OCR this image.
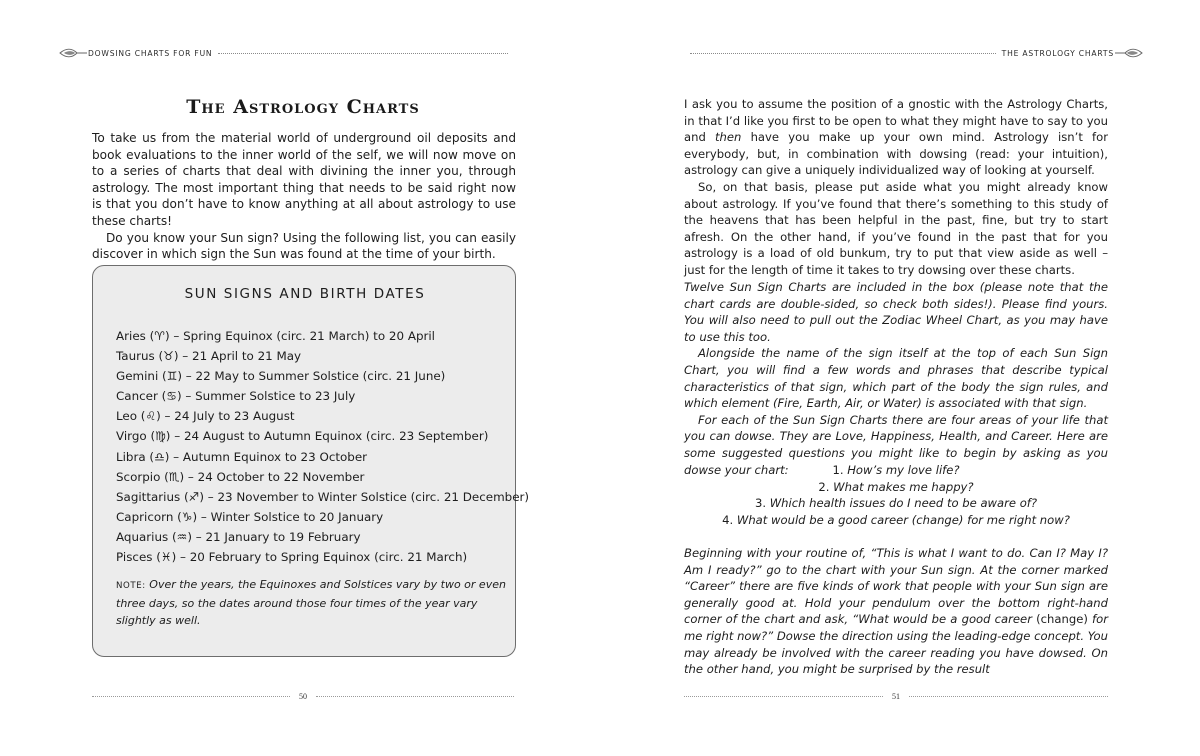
DOWSING CHARTS FOR FUN
The Astrology Charts

To take us from the material world of underground oil deposits and book evaluations to the inner world of the self, we will now move on to a series of charts that deal with divining the inner you, through astrology. The most important thing that needs to be said right now is that you don’t have to know anything at all about astrology to use these charts!

Do you know your Sun sign? Using the following list, you can easily discover in which sign the Sun was found at the time of your birth.

SUN SIGNS AND BIRTH DATES
Aries (♈) – Spring Equinox (circ. 21 March) to 20 April
Taurus (♉) – 21 April to 21 May
Gemini (♊) – 22 May to Summer Solstice (circ. 21 June)
Cancer (♋) – Summer Solstice to 23 July
Leo (♌) – 24 July to 23 August
Virgo (♍) – 24 August to Autumn Equinox (circ. 23 September)
Libra (♎) – Autumn Equinox to 23 October
Scorpio (♏) – 24 October to 22 November
Sagittarius (♐) – 23 November to Winter Solstice (circ. 21 December)
Capricorn (♑) – Winter Solstice to 20 January
Aquarius (♒) – 21 January to 19 February
Pisces (♓) – 20 February to Spring Equinox (circ. 21 March)

NOTE: Over the years, the Equinoxes and Solstices vary by two or even three days, so the dates around those four times of the year vary slightly as well.

50
THE ASTROLOGY CHARTS

I ask you to assume the position of a gnostic with the Astrology Charts, in that I’d like you first to be open to what they might have to say to you and then have you make up your own mind. Astrology isn’t for everybody, but, in combination with dowsing (read: your intuition), astrology can give a uniquely individualized way of looking at yourself.

So, on that basis, please put aside what you might already know about astrology. If you’ve found that there’s something to this study of the heavens that has been helpful in the past, fine, but try to start afresh. On the other hand, if you’ve found in the past that for you astrology is a load of old bunkum, try to put that view aside as well – just for the length of time it takes to try dowsing over these charts.

Twelve Sun Sign Charts are included in the box (please note that the chart cards are double-sided, so check both sides!). Please find yours. You will also need to pull out the Zodiac Wheel Chart, as you may have to use this too.

Alongside the name of the sign itself at the top of each Sun Sign Chart, you will find a few words and phrases that describe typical characteristics of that sign, which part of the body the sign rules, and which element (Fire, Earth, Air, or Water) is associated with that sign.

For each of the Sun Sign Charts there are four areas of your life that you can dowse. They are Love, Happiness, Health, and Career. Here are some suggested questions you might like to begin by asking as you dowse your chart:	1. How’s my love life?
2. What makes me happy?
3. Which health issues do I need to be aware of?
4. What would be a good career (change) for me right now?

Beginning with your routine of, “This is what I want to do. Can I? May I? Am I ready?” go to the chart with your Sun sign. At the corner marked “Career” there are five kinds of work that people with your Sun sign are generally good at. Hold your pendulum over the bottom right-hand corner of the chart and ask, “What would be a good career (change) for me right now?” Dowse the direction using the leading-edge concept. You may already be involved with the career reading you have dowsed. On the other hand, you might be surprised by the result

51
